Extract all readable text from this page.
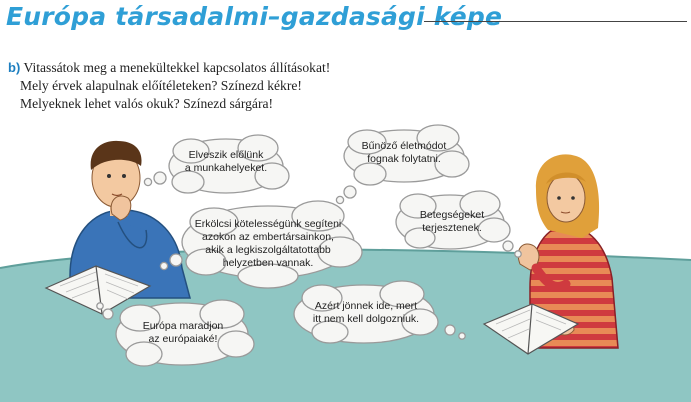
Európa társadalmi–gazdasági képe
b) Vitassátok meg a menekültekkel kapcsolatos állításokat!
Mely érvek alapulnak előítéleteken? Színezd kékre!
Melyeknek lehet valós okuk? Színezd sárgára!
Elveszik előlünk
a munkahelyeket.
Bűnöző életmódot
fognak folytatni.
Erkölcsi kötelességünk segíteni
azokon az embertársainkon,
akik a legkiszolgáltatottabb
helyzetben vannak.
Betegségeket
terjesztenek.
Azért jönnek ide, mert
itt nem kell dolgozniuk.
Európa maradjon
az európaiaké!
